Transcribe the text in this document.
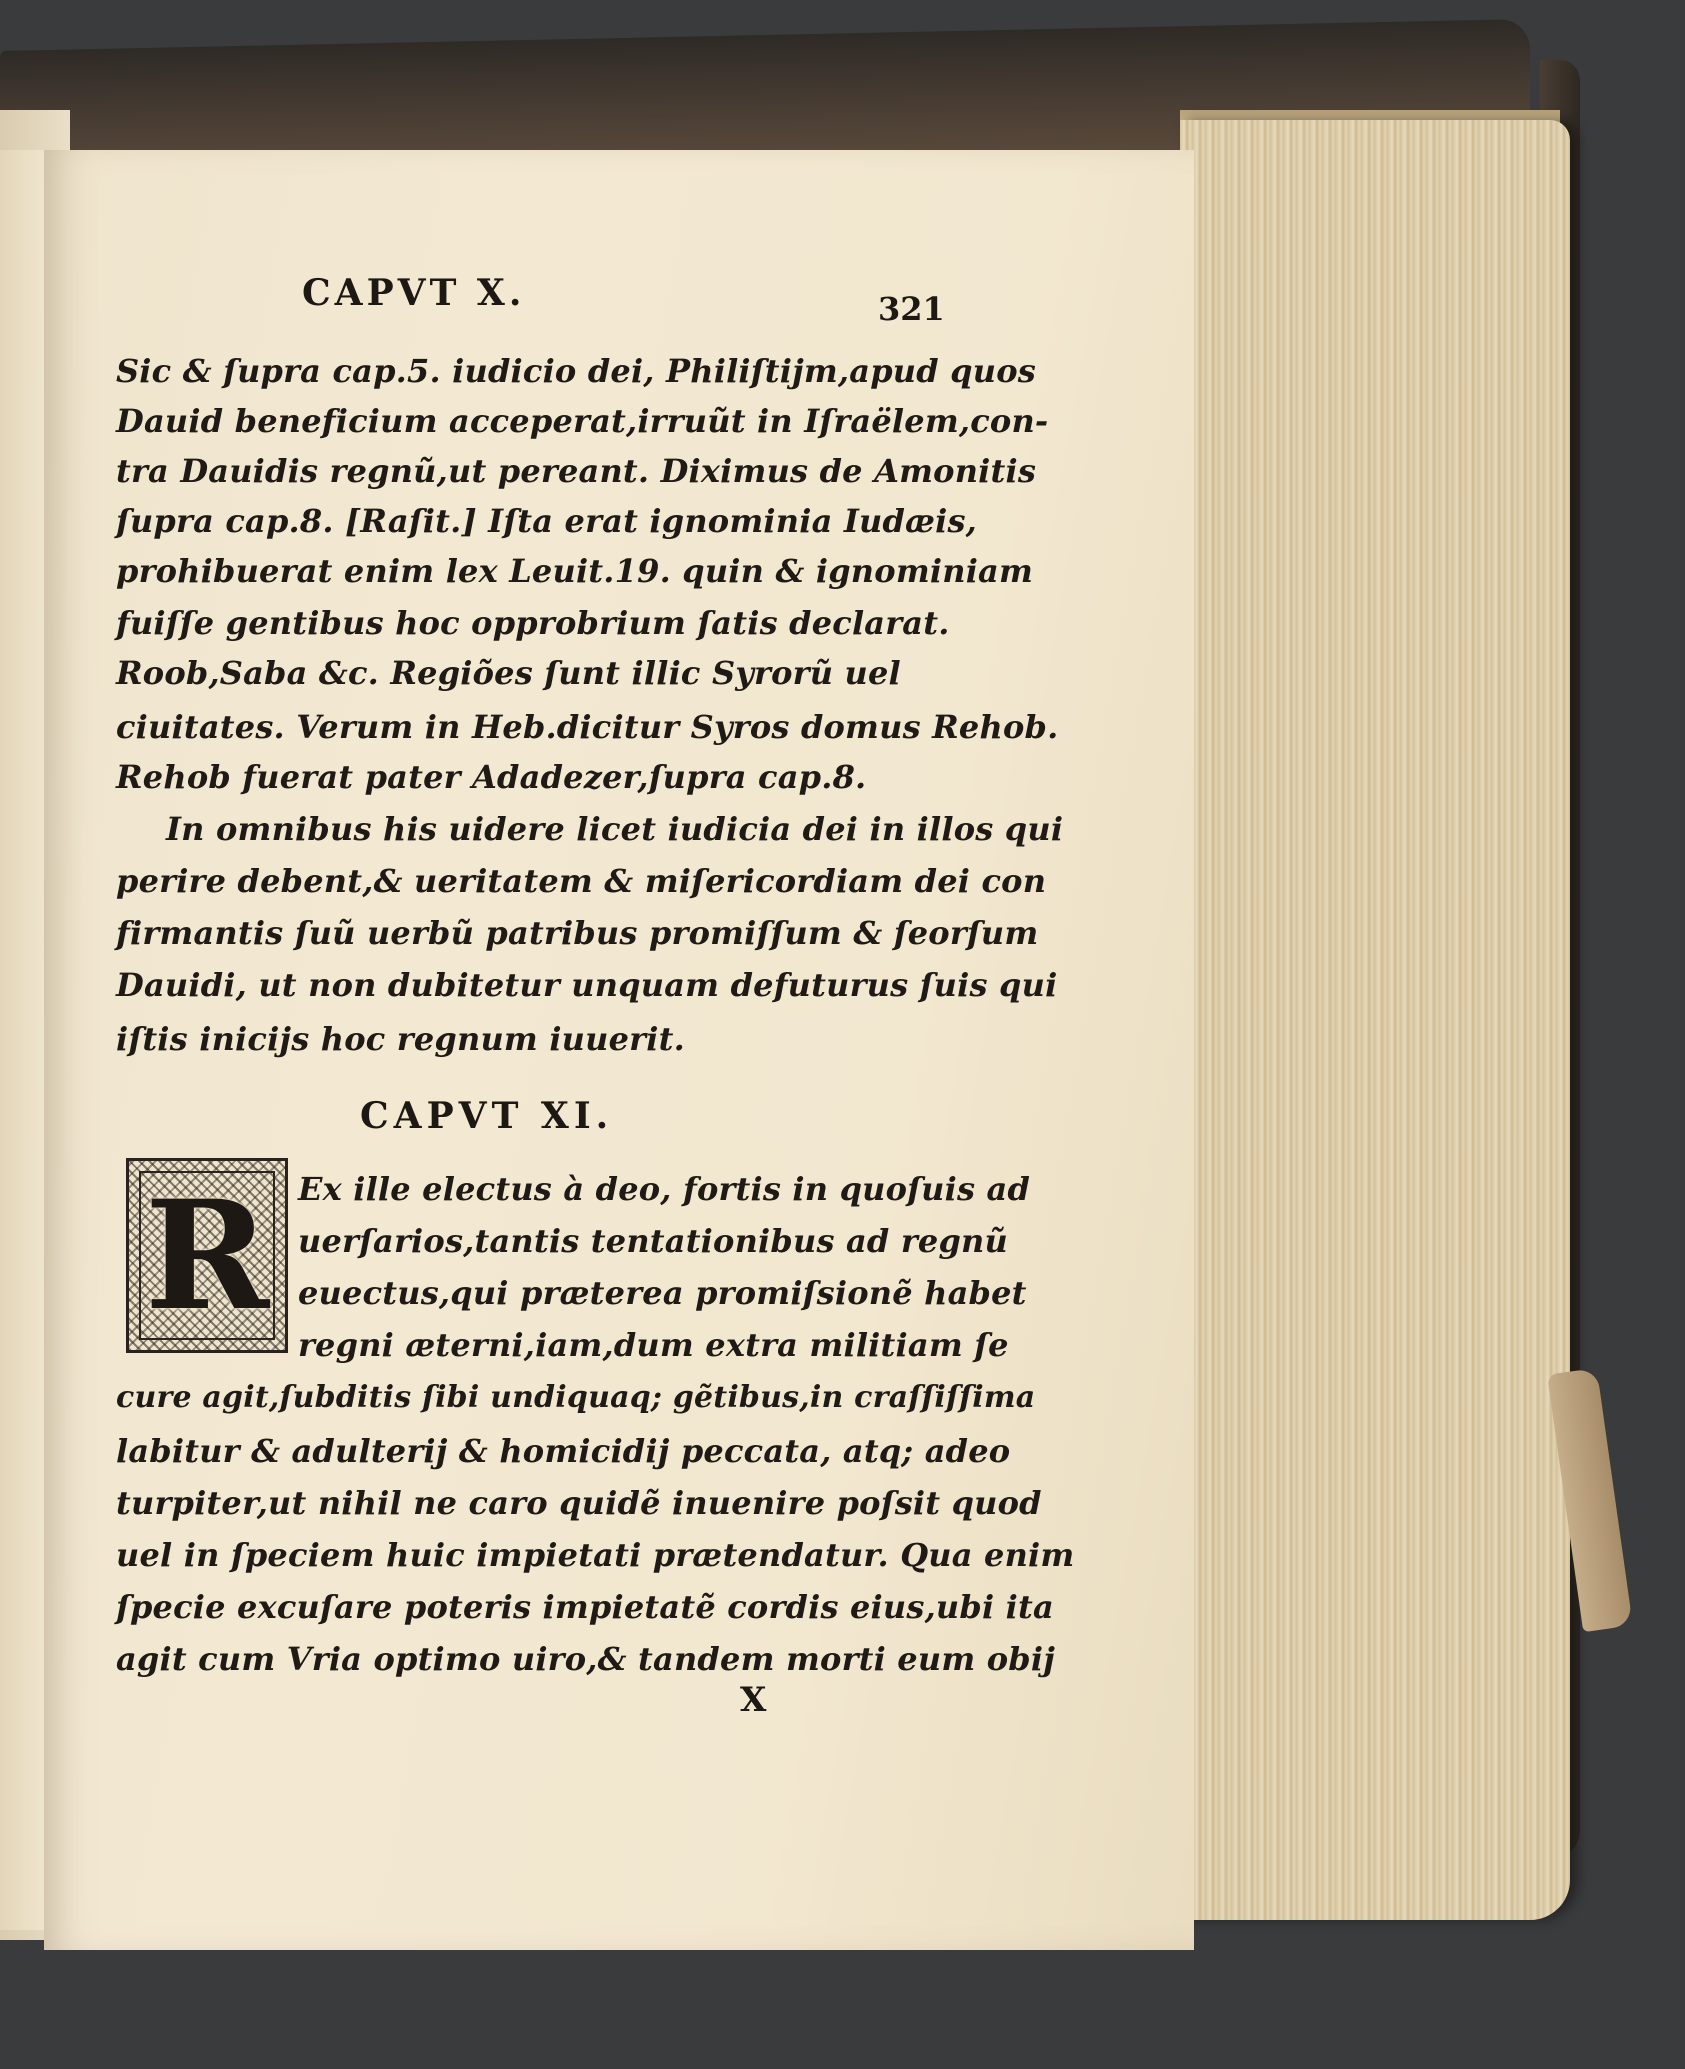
CAPVT X.	321
Sic & ſupra cap.5. iudicio dei, Philiſtijm,apud quos
Dauid beneficium acceperat,irruũt in Iſraëlem,con-
tra Dauidis regnũ,ut pereant. Diximus de Amonitis
ſupra cap.8. [Raſit.] Iſta erat ignominia Iudæis,
prohibuerat enim lex Leuit.19. quin & ignominiam
fuiſſe gentibus hoc opprobrium ſatis declarat.
Roob,Saba &c. Regiões ſunt illic Syrorũ uel
ciuitates. Verum in Heb.dicitur Syros domus Rehob.
Rehob fuerat pater Adadezer,ſupra cap.8.
In omnibus his uidere licet iudicia dei in illos qui
perire debent,& ueritatem & miſericordiam dei con
firmantis ſuũ uerbũ patribus promiſſum & ſeorſum
Dauidi, ut non dubitetur unquam defuturus ſuis qui
iſtis inicijs hoc regnum iuuerit.
CAPVT XI.
R Ex ille electus à deo, fortis in quoſuis ad
uerſarios,tantis tentationibus ad regnũ
euectus,qui præterea promiſsionẽ habet
regni æterni,iam,dum extra militiam ſe
cure agit,ſubditis ſibi undiquaq; gẽtibus,in craſſiſſima
labitur & adulterij & homicidij peccata, atq; adeo
turpiter,ut nihil ne caro quidẽ inuenire poſsit quod
uel in ſpeciem huic impietati prætendatur. Qua enim
ſpecie excuſare poteris impietatẽ cordis eius,ubi ita
agit cum Vria optimo uiro,& tandem morti eum obij
X
